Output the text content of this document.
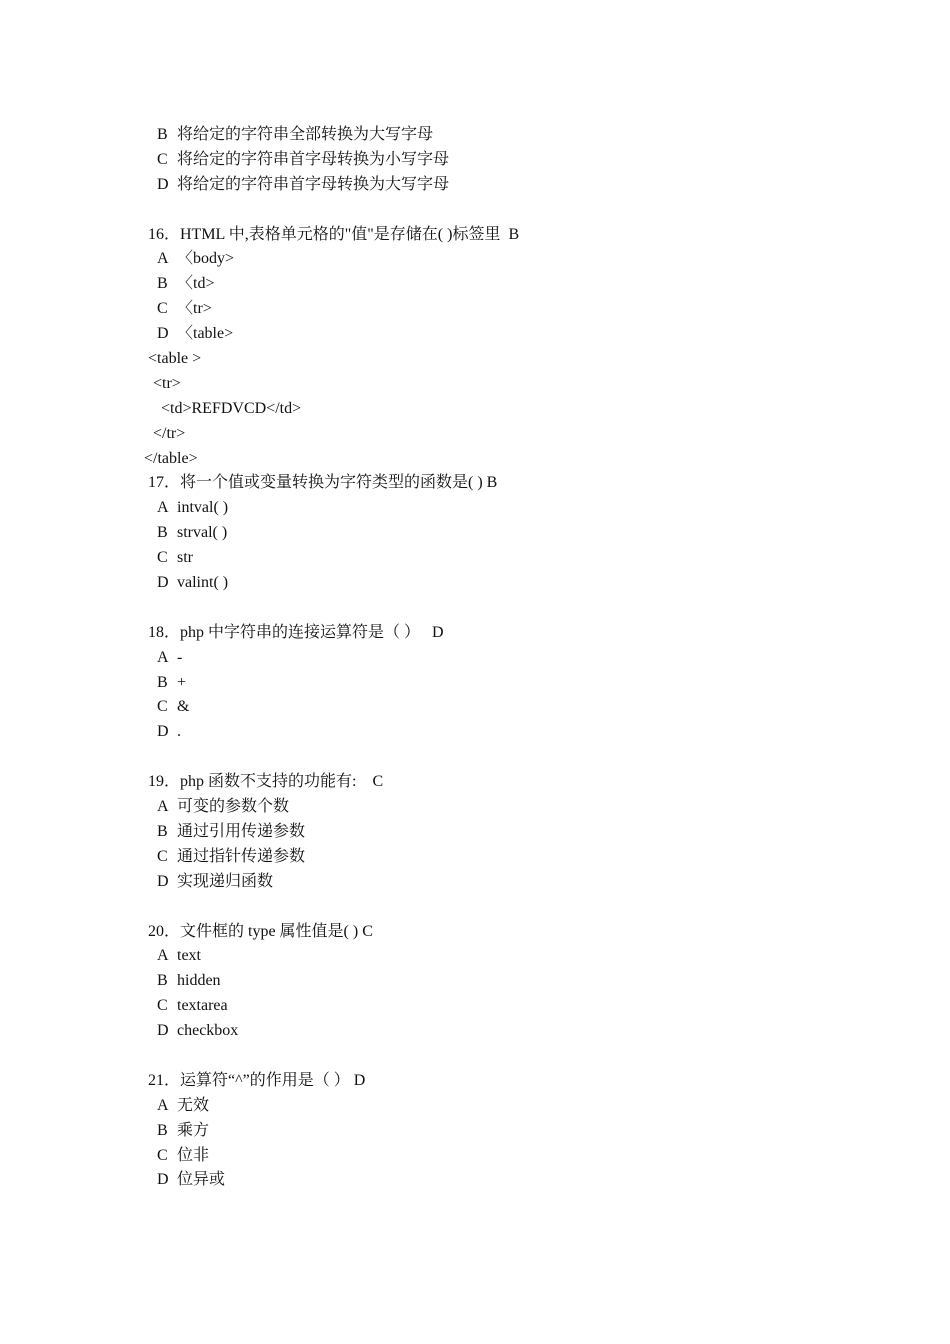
B 将给定的字符串全部转换为大写字母
C 将给定的字符串首字母转换为小写字母
D 将给定的字符串首字母转换为大写字母
16．HTML 中,表格单元格的"值"是存储在( )标签里  B
A 〈body>
B 〈td>
C 〈tr>
D 〈table>
<table >
<tr>
<td>REFDVCD</td>
</tr>
</table>
17．将一个值或变量转换为字符类型的函数是( ) B
A intval( )
B strval( )
C str
D valint( )
18．php 中字符串的连接运算符是（ ）   D
A -
B +
C &
D .
19．php 函数不支持的功能有:    C
A 可变的参数个数
B 通过引用传递参数
C 通过指针传递参数
D 实现递归函数
20．文件框的 type 属性值是( ) C
A text
B hidden
C textarea
D checkbox
21．运算符“^”的作用是（ ） D
A 无效
B 乘方
C 位非
D 位异或
